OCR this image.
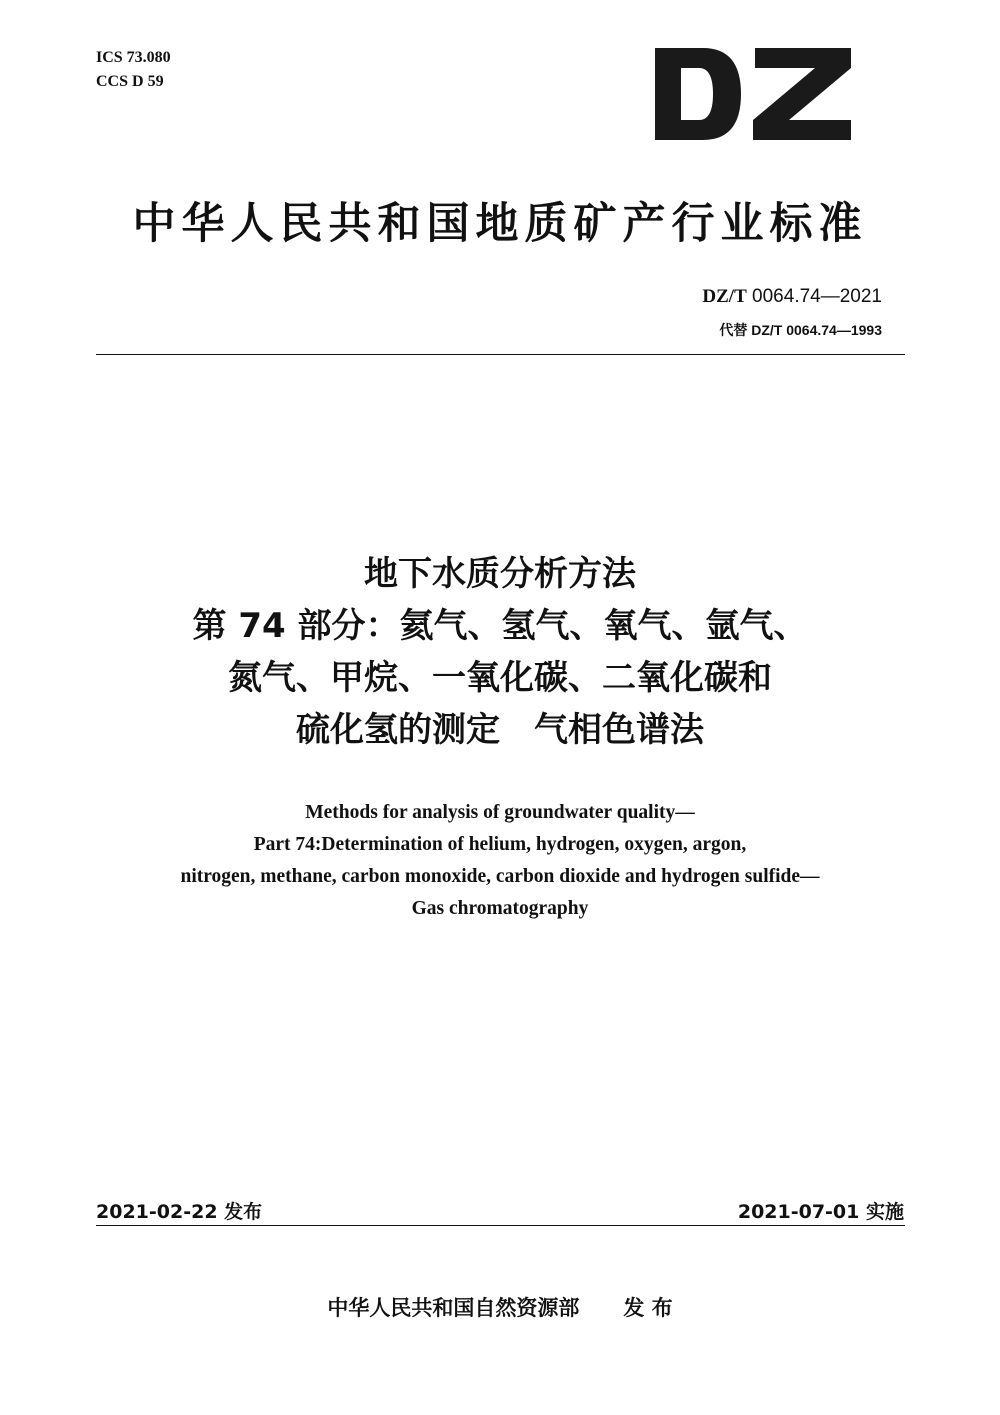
ICS 73.080
CCS D 59
中华人民共和国地质矿产行业标准
DZ/T 0064.74—2021
代替 DZ/T 0064.74—1993
地下水质分析方法
第 74 部分：氦气、氢气、氧气、氩气、
氮气、甲烷、一氧化碳、二氧化碳和
硫化氢的测定　气相色谱法
Methods for analysis of groundwater quality—
Part 74:Determination of helium, hydrogen, oxygen, argon,
nitrogen, methane, carbon monoxide, carbon dioxide and hydrogen sulfide—
Gas chromatography
2021-02-22 发布	2021-07-01 实施
中华人民共和国自然资源部 发 布
